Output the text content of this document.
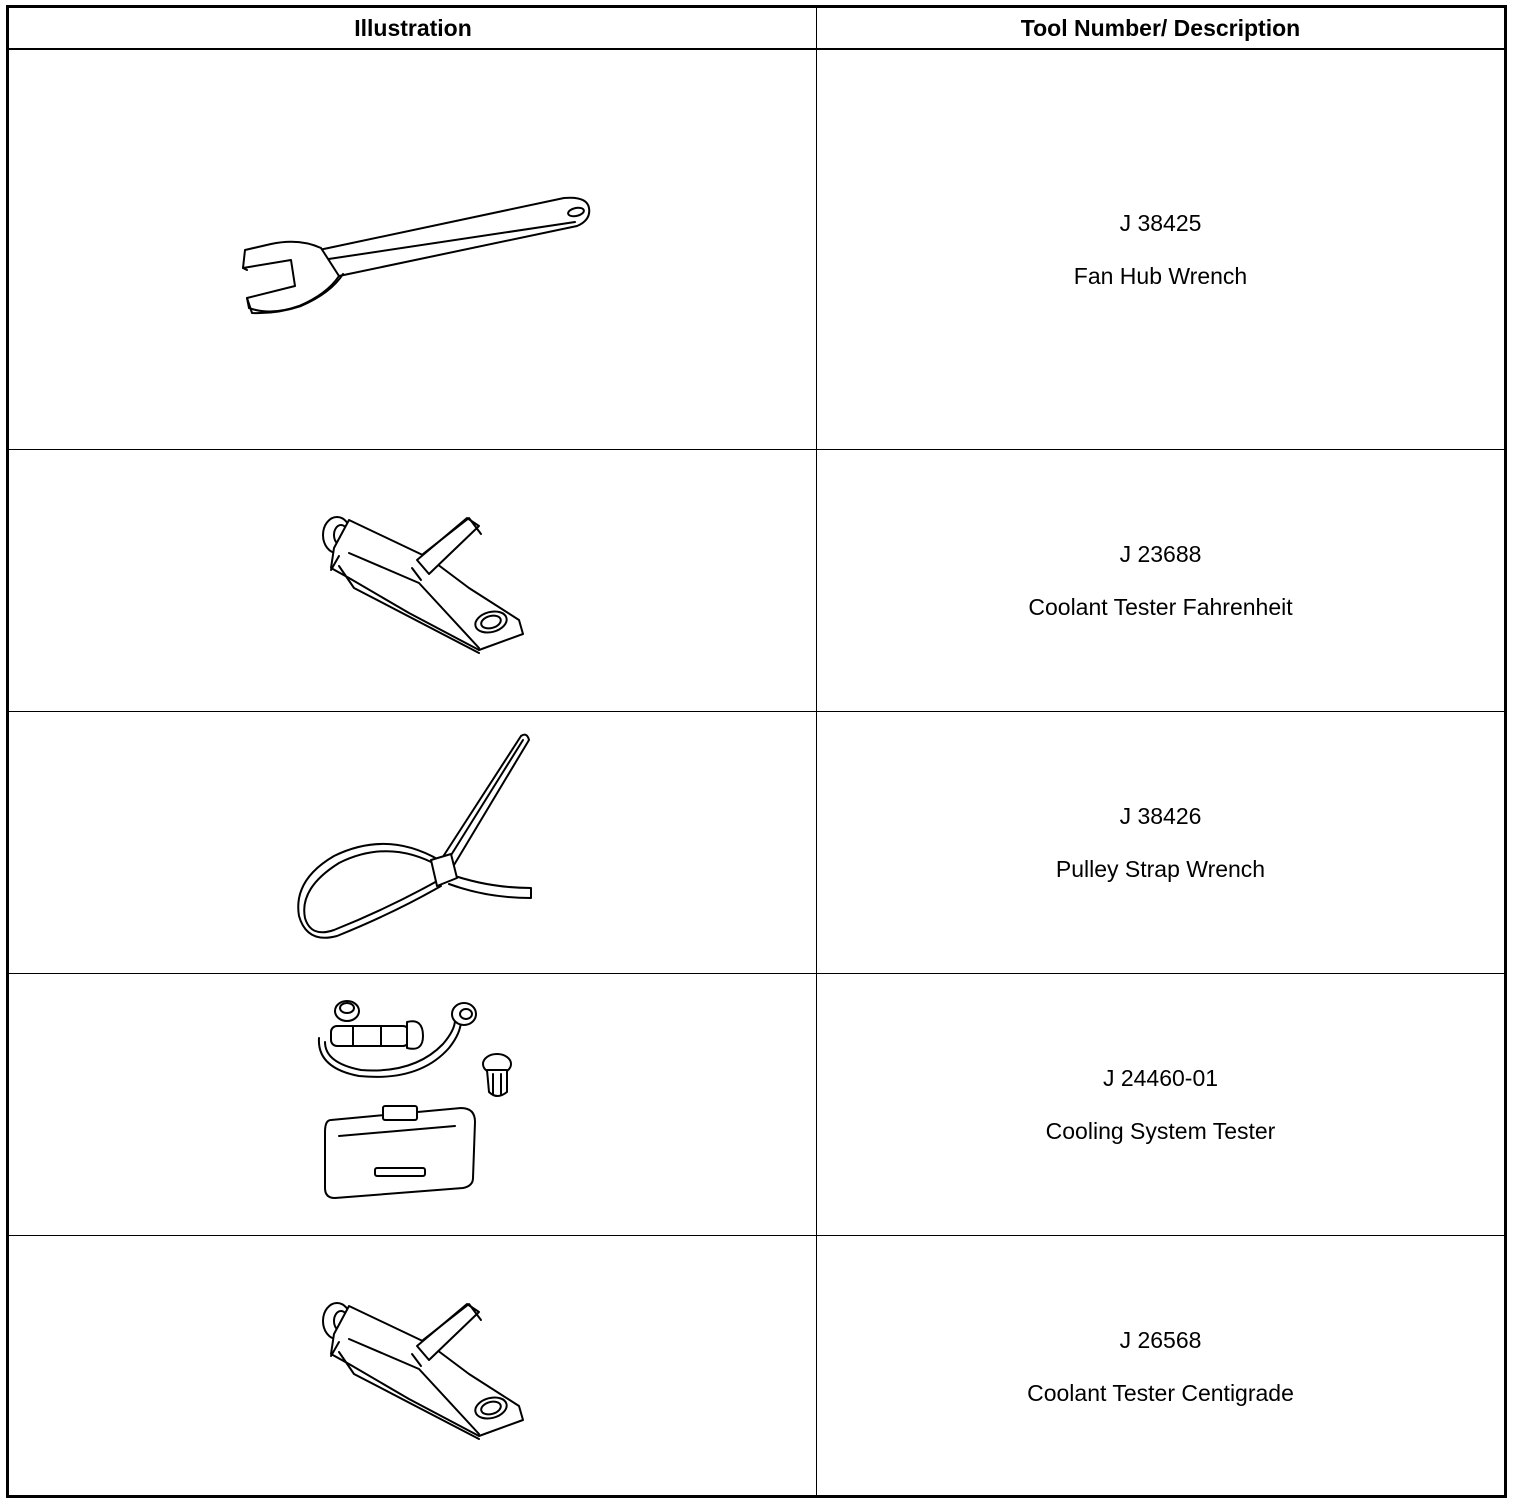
Illustration	Tool Number/ Description
J 38425
Fan Hub Wrench
J 23688
Coolant Tester Fahrenheit
J 38426
Pulley Strap Wrench
J 24460-01
Cooling System Tester
J 26568
Coolant Tester Centigrade
